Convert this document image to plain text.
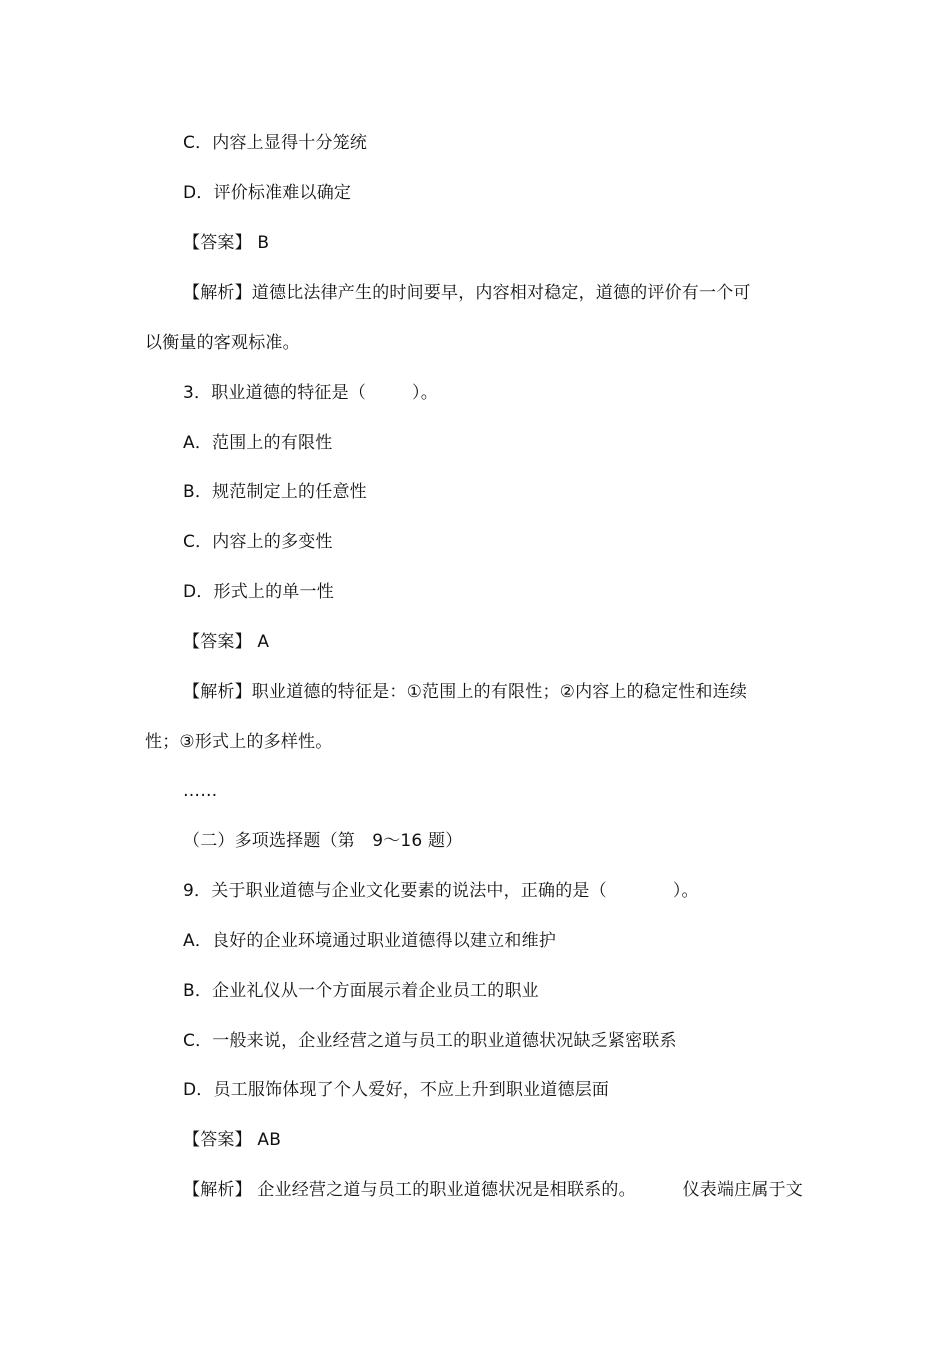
C．内容上显得十分笼统
D．评价标准难以确定
【答案】 B
【解析】道德比法律产生的时间要早，内容相对稳定，道德的评价有一个可
以衡量的客观标准。
3．职业道德的特征是（	）。
A．范围上的有限性
B．规范制定上的任意性
C．内容上的多变性
D．形式上的单一性
【答案】 A
【解析】职业道德的特征是：①范围上的有限性；②内容上的稳定性和连续
性；③形式上的多样性。
……
（二）多项选择题（第　9～16 题）
9．关于职业道德与企业文化要素的说法中，正确的是（	）。
A．良好的企业环境通过职业道德得以建立和维护
B．企业礼仪从一个方面展示着企业员工的职业
C．一般来说，企业经营之道与员工的职业道德状况缺乏紧密联系
D．员工服饰体现了个人爱好，不应上升到职业道德层面
【答案】 AB
【解析】 企业经营之道与员工的职业道德状况是相联系的。	仪表端庄属于文
